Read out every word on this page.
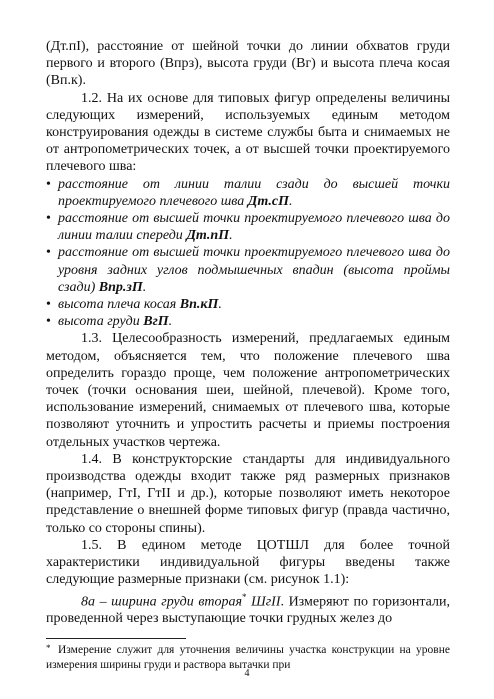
(Дт.пI), расстояние от шейной точки до линии обхватов груди первого и второго (Впрз), высота груди (Вг) и высота плеча косая (Вп.к).

1.2. На их основе для типовых фигур определены величины следующих измерений, используемых единым методом конструирования одежды в системе службы быта и снимаемых не от антропометрических точек, а от высшей точки проектируемого плечевого шва:

• расстояние от линии талии сзади до высшей точки проектируемого плечевого шва Дт.сП.

• расстояние от высшей точки проектируемого плечевого шва до линии талии спереди Дт.пП.

• расстояние от высшей точки проектируемого плечевого шва до уровня задних углов подмышечных впадин (высота проймы сзади) Впр.зП.

• высота плеча косая Вп.кП.

• высота груди ВгП.

1.3. Целесообразность измерений, предлагаемых единым методом, объясняется тем, что положение плечевого шва определить гораздо проще, чем положение антропометрических точек (точки основания шеи, шейной, плечевой). Кроме того, использование измерений, снимаемых от плечевого шва, которые позволяют уточнить и упростить расчеты и приемы построения отдельных участков чертежа.

1.4. В конструкторские стандарты для индивидуального производства одежды входит также ряд размерных признаков (например, ГтI, ГтII и др.), которые позволяют иметь некоторое представление о внешней форме типовых фигур (правда частично, только со стороны спины).

1.5. В едином методе ЦОТШЛ для более точной характеристики индивидуальной фигуры введены также следующие размерные признаки (см. рисунок 1.1):

8а – ширина груди вторая* ШгII. Измеряют по горизонтали, проведенной через выступающие точки грудных желез до

* Измерение служит для уточнения величины участка конструкции на уровне измерения ширины груди и раствора вытачки при

4
